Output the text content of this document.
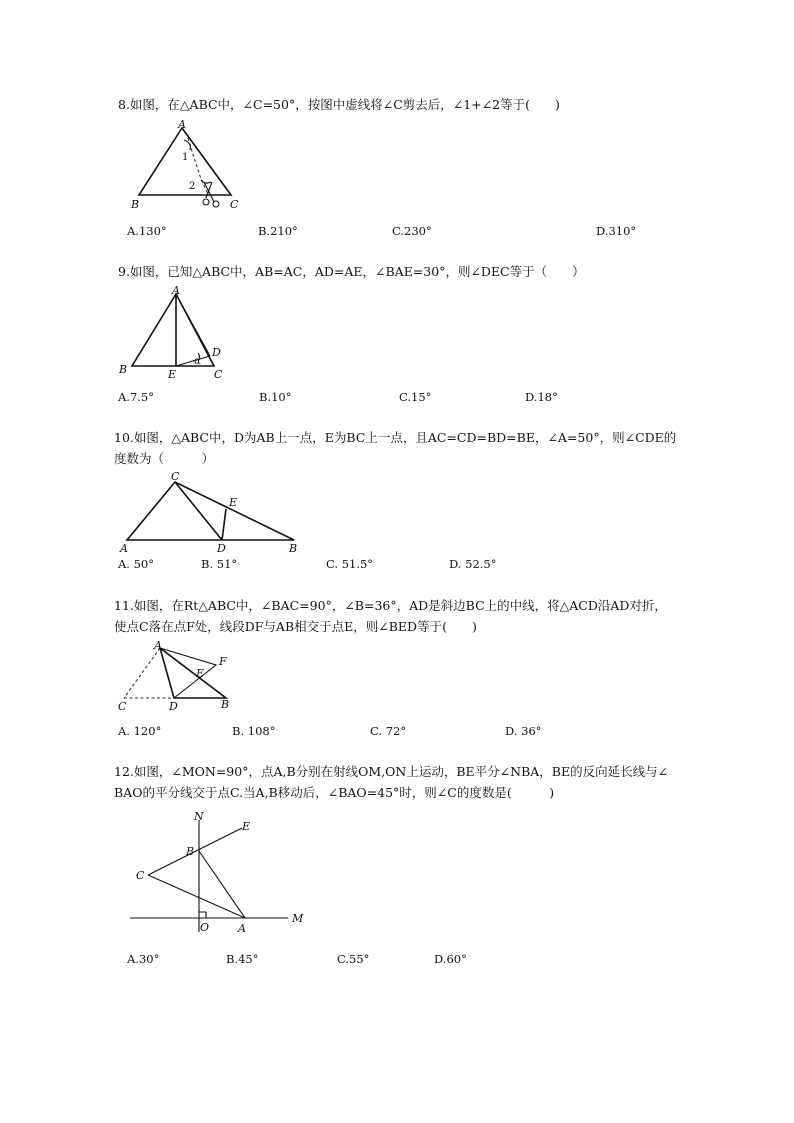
8.如图，在△ABC中，∠C=50°，按图中虚线将∠C剪去后，∠1+∠2等于(　　)
A
B	C
1
2
A.130°	B.210°	C.230°	D.310°
9.如图，已知△ABC中，AB=AC，AD=AE，∠BAE=30°，则∠DEC等于（　　）
A
B	C
D
E
α
A.7.5°	B.10°	C.15°	D.18°
10.如图，△ABC中，D为AB上一点，E为BC上一点，且AC=CD=BD=BE，∠A=50°，则∠CDE的
度数为（　　　）
C
A	D	B
E
A. 50°	B. 51°	C. 51.5°	D. 52.5°
11.如图，在Rt△ABC中，∠BAC=90°，∠B=36°，AD是斜边BC上的中线，将△ACD沿AD对折，
使点C落在点F处，线段DF与AB相交于点E，则∠BED等于(　　)
A
C	D	B
E
F
A. 120°	B. 108°	C. 72°	D. 36°
12.如图，∠MON=90°，点A,B分别在射线OM,ON上运动，BE平分∠NBA，BE的反向延长线与∠
BAO的平分线交于点C.当A,B移动后，∠BAO=45°时，则∠C的度数是(　　　)
N
E
B
C
O	A
M
A.30°	B.45°	C.55°	D.60°
